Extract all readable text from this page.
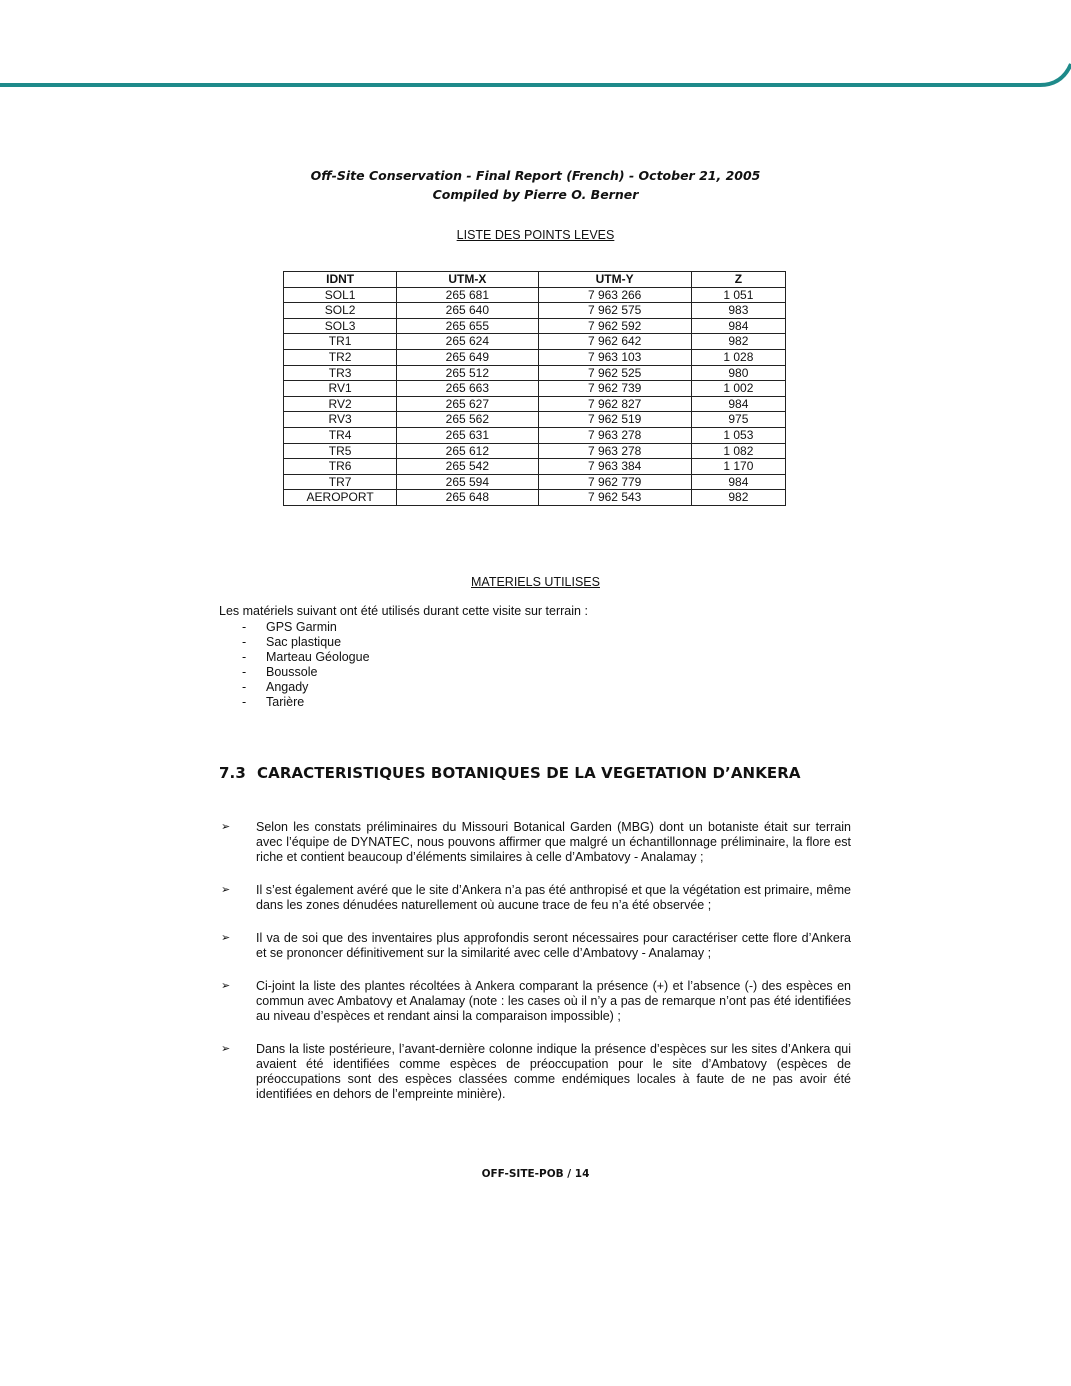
Off-Site Conservation - Final Report (French) - October 21, 2005
Compiled by Pierre O. Berner
LISTE DES POINTS LEVES
IDNT	UTM-X	UTM-Y	Z
SOL1	265 681	7 963 266	1 051
SOL2	265 640	7 962 575	983
SOL3	265 655	7 962 592	984
TR1	265 624	7 962 642	982
TR2	265 649	7 963 103	1 028
TR3	265 512	7 962 525	980
RV1	265 663	7 962 739	1 002
RV2	265 627	7 962 827	984
RV3	265 562	7 962 519	975
TR4	265 631	7 963 278	1 053
TR5	265 612	7 963 278	1 082
TR6	265 542	7 963 384	1 170
TR7	265 594	7 962 779	984
AEROPORT	265 648	7 962 543	982
MATERIELS UTILISES
Les matériels suivant ont été utilisés durant cette visite sur terrain :
- GPS Garmin
- Sac plastique
- Marteau Géologue
- Boussole
- Angady
- Tarière
7.3 CARACTERISTIQUES BOTANIQUES DE LA VEGETATION D’ANKERA
➢ Selon les constats préliminaires du Missouri Botanical Garden (MBG) dont un botaniste était sur terrain avec l’équipe de DYNATEC, nous pouvons affirmer que malgré un échantillonnage préliminaire, la flore est riche et contient beaucoup d’éléments similaires à celle d’Ambatovy - Analamay ;
➢ Il s’est également avéré que le site d’Ankera n’a pas été anthropisé et que la végétation est primaire, même dans les zones dénudées naturellement où aucune trace de feu n’a été observée ;
➢ Il va de soi que des inventaires plus approfondis seront nécessaires pour caractériser cette flore d’Ankera et se prononcer définitivement sur la similarité avec celle d’Ambatovy - Analamay ;
➢ Ci-joint la liste des plantes récoltées à Ankera comparant la présence (+) et l’absence (-) des espèces en commun avec Ambatovy et Analamay (note : les cases où il n’y a pas de remarque n’ont pas été identifiées au niveau d’espèces et rendant ainsi la comparaison impossible) ;
➢ Dans la liste postérieure, l’avant-dernière colonne indique la présence d’espèces sur les sites d’Ankera qui avaient été identifiées comme espèces de préoccupation pour le site d’Ambatovy (espèces de préoccupations sont des espèces classées comme endémiques locales à faute de ne pas avoir été identifiées en dehors de l’empreinte minière).
OFF-SITE-POB / 14
